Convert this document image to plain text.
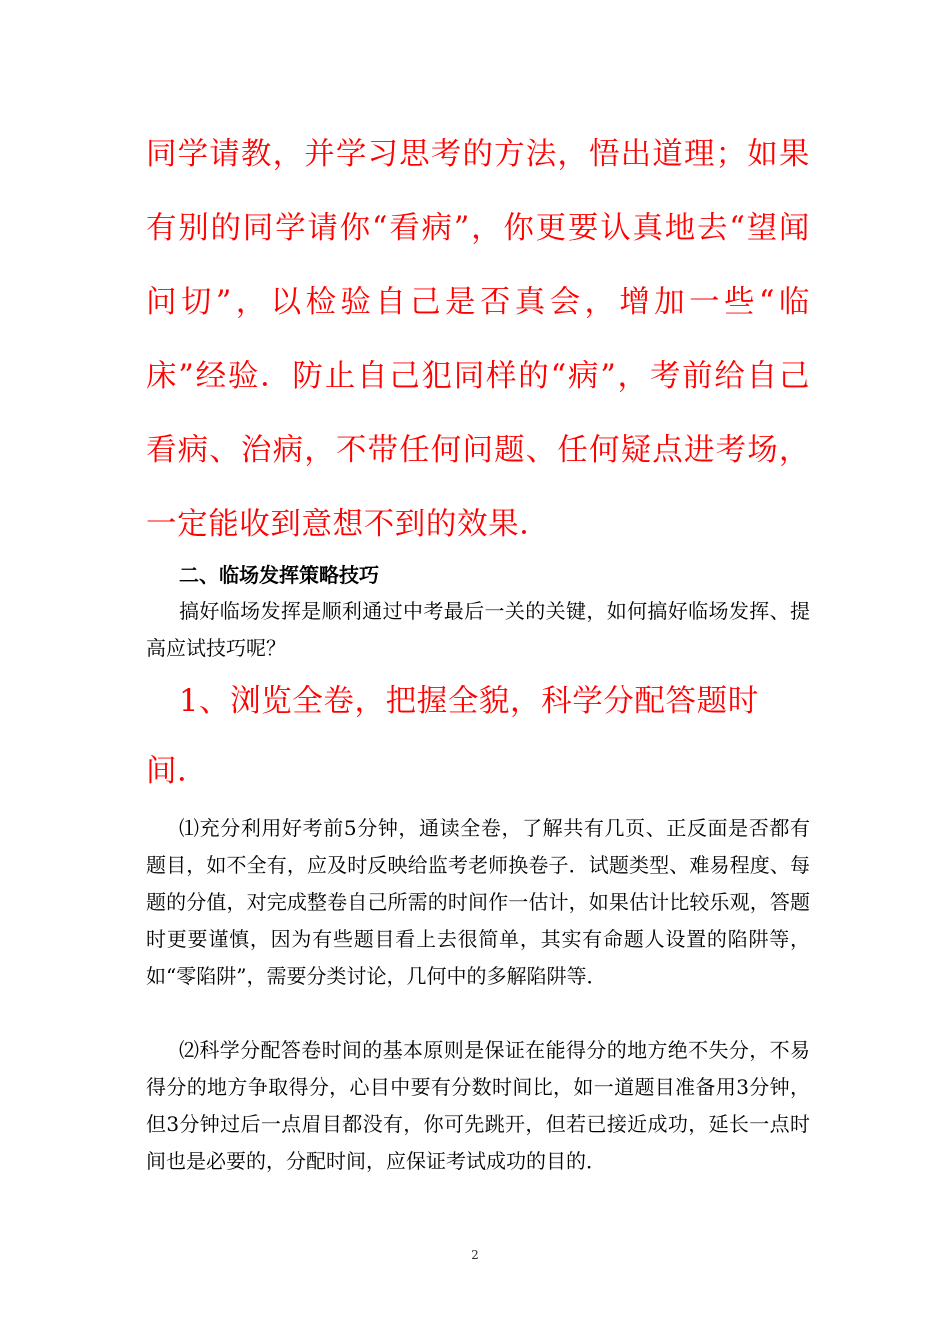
同学请教，并学习思考的方法，悟出道理；如果有别的同学请你“看病”，你更要认真地去“望闻问切”，以检验自己是否真会，增加一些“临床”经验．防止自己犯同样的“病”，考前给自己看病、治病，不带任何问题、任何疑点进考场，一定能收到意想不到的效果．

二、临场发挥策略技巧

搞好临场发挥是顺利通过中考最后一关的关键，如何搞好临场发挥、提高应试技巧呢？

1、浏览全卷，把握全貌，科学分配答题时间．

⑴充分利用好考前5分钟，通读全卷，了解共有几页、正反面是否都有题目，如不全有，应及时反映给监考老师换卷子．试题类型、难易程度、每题的分值，对完成整卷自己所需的时间作一估计，如果估计比较乐观，答题时更要谨慎，因为有些题目看上去很简单，其实有命题人设置的陷阱等，如“零陷阱”，需要分类讨论，几何中的多解陷阱等．

⑵科学分配答卷时间的基本原则是保证在能得分的地方绝不失分，不易得分的地方争取得分，心目中要有分数时间比，如一道题目准备用3分钟，但3分钟过后一点眉目都没有，你可先跳开，但若已接近成功，延长一点时间也是必要的，分配时间，应保证考试成功的目的．

2
